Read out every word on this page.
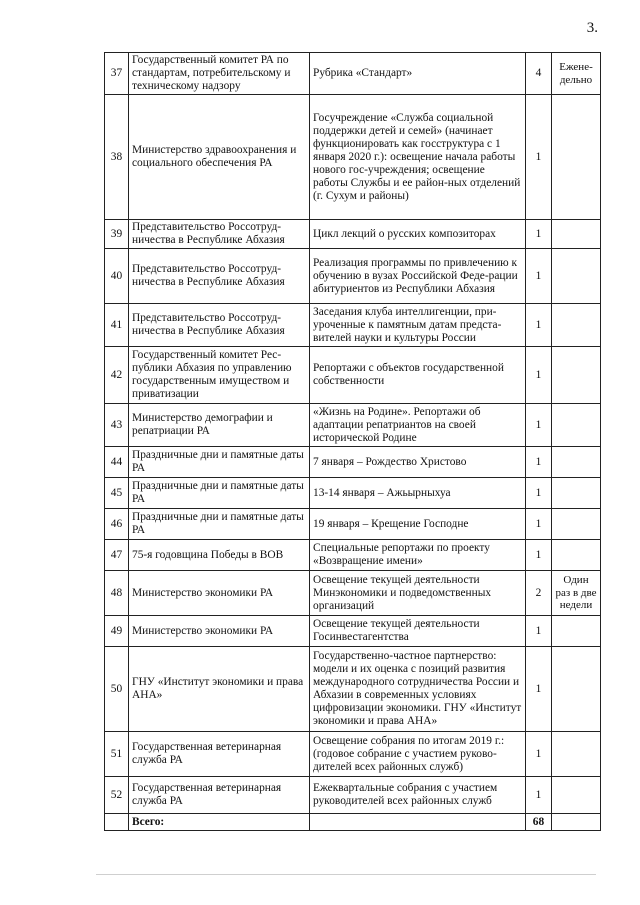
3.
37	Государственный комитет РА по стандартам, потребительскому и техническому надзору	Рубрика «Стандарт»	4	Ежене-дельно
38	Министерство здравоохранения и социального обеспечения РА	Госучреждение «Служба социальной поддержки детей и семей» (начинает функционировать как госструктура с 1 января 2020 г.): освещение начала работы нового гос-учреждения; освещение работы Службы и ее район-ных отделений (г. Сухум и районы)	1	
39	Представительство Россотруд-ничества в Республике Абхазия	Цикл лекций о русских композиторах	1	
40	Представительство Россотруд-ничества в Республике Абхазия	Реализация программы по привлечению к обучению в вузах Российской Феде-рации абитуриентов из Республики Абхазия	1	
41	Представительство Россотруд-ничества в Республике Абхазия	Заседания клуба интеллигенции, при-уроченные к памятным датам предста-вителей науки и культуры России	1	
42	Государственный комитет Рес-публики Абхазия по управлению государственным имуществом и приватизации	Репортажи с объектов государственной собственности	1	
43	Министерство демографии и репатриации РА	«Жизнь на Родине». Репортажи об адаптации репатриантов на своей исторической Родине	1	
44	Праздничные дни и памятные даты РА	7 января – Рождество Христово	1	
45	Праздничные дни и памятные даты РА	13-14 января – Ажьырныхуа	1	
46	Праздничные дни и памятные даты РА	19 января – Крещение Господне	1	
47	75-я годовщина Победы в ВОВ	Специальные репортажи по проекту «Возвращение имени»	1	
48	Министерство экономики РА	Освещение текущей деятельности Минэкономики и подведомственных организаций	2	Один раз в две недели
49	Министерство экономики РА	Освещение текущей деятельности Госинвестагентства	1	
50	ГНУ «Институт экономики и права АНА»	Государственно-частное партнерство: модели и их оценка с позиций развития международного сотрудничества России и Абхазии в современных условиях цифровизации экономики. ГНУ «Институт экономики и права АНА»	1	
51	Государственная ветеринарная служба РА	Освещение собрания по итогам 2019 г.: (годовое собрание с участием руково-дителей всех районных служб)	1	
52	Государственная ветеринарная служба РА	Ежеквартальные собрания с участием руководителей всех районных служб	1	
	Всего:		68	
